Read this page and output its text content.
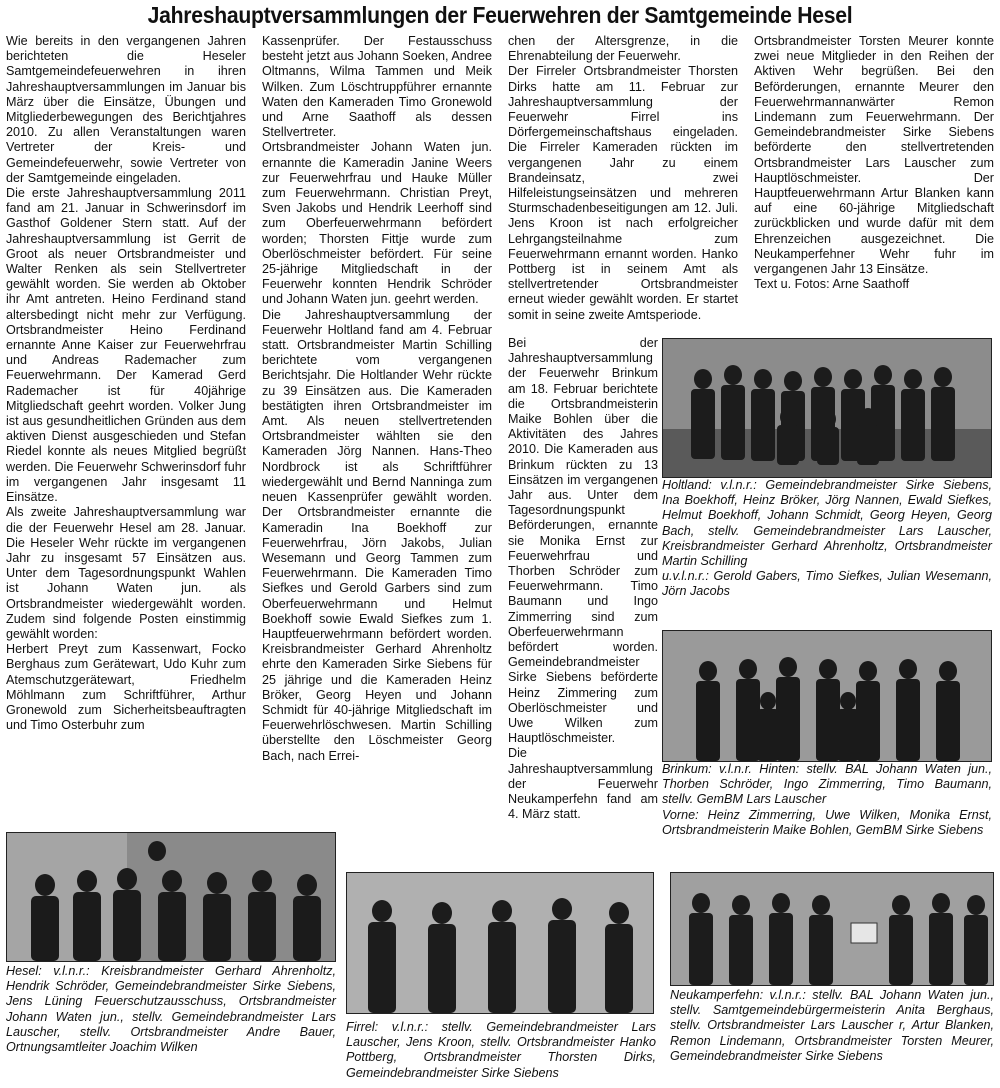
Jahreshauptversammlungen der Feuerwehren der Samtgemeinde Hesel

Wie bereits in den vergangenen Jahren berichteten die Heseler Samtgemeindefeuerwehren in ihren Jahreshauptversammlungen im Januar bis März über die Einsätze, Übungen und Mitgliederbewegungen des Berichtjahres 2010. Zu allen Veranstaltungen waren Vertreter der Kreis- und Gemeindefeuerwehr, sowie Vertreter von der Samtgemeinde eingeladen.

Die erste Jahreshauptversammlung 2011 fand am 21. Januar in Schwerinsdorf im Gasthof Goldener Stern statt. Auf der Jahreshauptversammlung ist Gerrit de Groot als neuer Ortsbrandmeister und Walter Renken als sein Stellvertreter gewählt worden. Sie werden ab Oktober ihr Amt antreten. Heino Ferdinand stand altersbedingt nicht mehr zur Verfügung. Ortsbrandmeister Heino Ferdinand ernannte Anne Kaiser zur Feuerwehrfrau und Andreas Rademacher zum Feuerwehrmann. Der Kamerad Gerd Rademacher ist für 40jährige Mitgliedschaft geehrt worden. Volker Jung ist aus gesundheitlichen Gründen aus dem aktiven Dienst ausgeschieden und Stefan Riedel konnte als neues Mitglied begrüßt werden. Die Feuerwehr Schwerinsdorf fuhr im vergangenen Jahr insgesamt 11 Einsätze.

Als zweite Jahreshauptversammlung war die der Feuerwehr Hesel am 28. Januar. Die Heseler Wehr rückte im vergangenen Jahr zu insgesamt 57 Einsätzen aus. Unter dem Tagesordnungspunkt Wahlen ist Johann Waten jun. als Ortsbrandmeister wiedergewählt worden. Zudem sind folgende Posten einstimmig gewählt worden:

Herbert Preyt zum Kassenwart, Focko Berghaus zum Gerätewart, Udo Kuhr zum Atemschutzgerätewart, Friedhelm Möhlmann zum Schriftführer, Arthur Gronewold zum Sicherheitsbeauftragten und Timo Osterbuhr zum

Kassenprüfer. Der Festausschuss besteht jetzt aus Johann Soeken, Andree Oltmanns, Wilma Tammen und Meik Wilken. Zum Löschtruppführer ernannte Waten den Kameraden Timo Gronewold und Arne Saathoff als dessen Stellvertreter.

Ortsbrandmeister Johann Waten jun. ernannte die Kameradin Janine Weers zur Feuerwehrfrau und Hauke Müller zum Feuerwehrmann. Christian Preyt, Sven Jakobs und Hendrik Leerhoff sind zum Oberfeuerwehrmann befördert worden; Thorsten Fittje wurde zum Oberlöschmeister befördert. Für seine 25-jährige Mitgliedschaft in der Feuerwehr konnten Hendrik Schröder und Johann Waten jun. geehrt werden.

Die Jahreshauptversammlung der Feuerwehr Holtland fand am 4. Februar statt. Ortsbrandmeister Martin Schilling berichtete vom vergangenen Berichtsjahr. Die Holtlander Wehr rückte zu 39 Einsätzen aus. Die Kameraden bestätigten ihren Ortsbrandmeister im Amt. Als neuen stellvertretenden Ortsbrandmeister wählten sie den Kameraden Jörg Nannen. Hans-Theo Nordbrock ist als Schriftführer wiedergewählt und Bernd Nanninga zum neuen Kassenprüfer gewählt worden. Der Ortsbrandmeister ernannte die Kameradin Ina Boekhoff zur Feuerwehrfrau, Jörn Jakobs, Julian Wesemann und Georg Tammen zum Feuerwehrmann. Die Kameraden Timo Siefkes und Gerold Garbers sind zum Oberfeuerwehrmann und Helmut Boekhoff sowie Ewald Siefkes zum 1. Hauptfeuerwehrmann befördert worden. Kreisbrandmeister Gerhard Ahrenholtz ehrte den Kameraden Sirke Siebens für 25 jährige und die Kameraden Heinz Bröker, Georg Heyen und Johann Schmidt für 40-jährige Mitgliedschaft im Feuerwehrlöschwesen. Martin Schilling überstellte den Löschmeister Georg Bach, nach Errei-

chen der Altersgrenze, in die Ehrenabteilung der Feuerwehr.

Der Firreler Ortsbrandmeister Thorsten Dirks hatte am 11. Februar zur Jahreshauptversammlung der Feuerwehr Firrel ins Dörfergemeinschaftshaus eingeladen. Die Firreler Kameraden rückten im vergangenen Jahr zu einem Brandeinsatz, zwei Hilfeleistungseinsätzen und mehreren Sturmschadenbeseitigungen am 12. Juli. Jens Kroon ist nach erfolgreicher Lehrgangsteilnahme zum Feuerwehrmann ernannt worden. Hanko Pottberg ist in seinem Amt als stellvertretender Ortsbrandmeister erneut wieder gewählt worden. Er startet somit in seine zweite Amtsperiode.

Bei der Jahreshauptversammlung der Feuerwehr Brinkum am 18. Februar berichtete die Ortsbrandmeisterin Maike Bohlen über die Aktivitäten des Jahres 2010. Die Kameraden aus Brinkum rückten zu 13 Einsätzen im vergangenen Jahr aus. Unter dem Tagesordnungspunkt Beförderungen, ernannte sie Monika Ernst zur Feuerwehrfrau und Thorben Schröder zum Feuerwehrmann. Timo Baumann und Ingo Zimmerring sind zum Oberfeuerwehrmann befördert worden. Gemeindebrandmeister Sirke Siebens beförderte Heinz Zimmering zum Oberlöschmeister und Uwe Wilken zum Hauptlöschmeister.

Die Jahreshauptversammlung der Feuerwehr Neukamperfehn fand am 4. März statt.

Ortsbrandmeister Torsten Meurer konnte zwei neue Mitglieder in den Reihen der Aktiven Wehr begrüßen. Bei den Beförderungen, ernannte Meurer den Feuerwehrmannanwärter Remon Lindemann zum Feuerwehrmann. Der Gemeindebrandmeister Sirke Siebens beförderte den stellvertretenden Ortsbrandmeister Lars Lauscher zum Hauptlöschmeister. Der Hauptfeuerwehrmann Artur Blanken kann auf eine 60-jährige Mitgliedschaft zurückblicken und wurde dafür mit dem Ehrenzeichen ausgezeichnet. Die Neukamperfehner Wehr fuhr im vergangenen Jahr 13 Einsätze.

Text u. Fotos: Arne Saathoff

Holtland: v.l.n.r.: Gemeindebrandmeister Sirke Siebens, Ina Boekhoff, Heinz Bröker, Jörg Nannen, Ewald Siefkes, Helmut Boekhoff, Johann Schmidt, Georg Heyen, Georg Bach, stellv. Gemeindebrandmeister Lars Lauscher, Kreisbrandmeister Gerhard Ahrenholtz, Ortsbrandmeister Martin Schilling

u.v.l.n.r.: Gerold Gabers, Timo Siefkes, Julian Wesemann, Jörn Jacobs

Brinkum: v.l.n.r. Hinten: stellv. BAL Johann Waten jun., Thorben Schröder, Ingo Zimmerring, Timo Baumann, stellv. GemBM Lars Lauscher

Vorne: Heinz Zimmerring, Uwe Wilken, Monika Ernst, Ortsbrandmeisterin Maike Bohlen, GemBM Sirke Siebens

Hesel: v.l.n.r.: Kreisbrandmeister Gerhard Ahrenholtz, Hendrik Schröder, Gemeindebrandmeister Sirke Siebens, Jens Lüning Feuerschutzausschuss, Ortsbrandmeister Johann Waten jun., stellv. Gemeindebrandmeister Lars Lauscher, stellv. Ortsbrandmeister Andre Bauer, Ortnungsamtleiter Joachim Wilken

Firrel: v.l.n.r.: stellv. Gemeindebrandmeister Lars Lauscher, Jens Kroon, stellv. Ortsbrandmeister Hanko Pottberg, Ortsbrandmeister Thorsten Dirks, Gemeindebrandmeister Sirke Siebens

Neukamperfehn: v.l.n.r.: stellv. BAL Johann Waten jun., stellv. Samtgemeindebürgermeisterin Anita Berghaus, stellv. Ortsbrandmeister Lars Lauscher r, Artur Blanken, Remon Lindemann, Ortsbrandmeister Torsten Meurer, Gemeindebrandmeister Sirke Siebens
